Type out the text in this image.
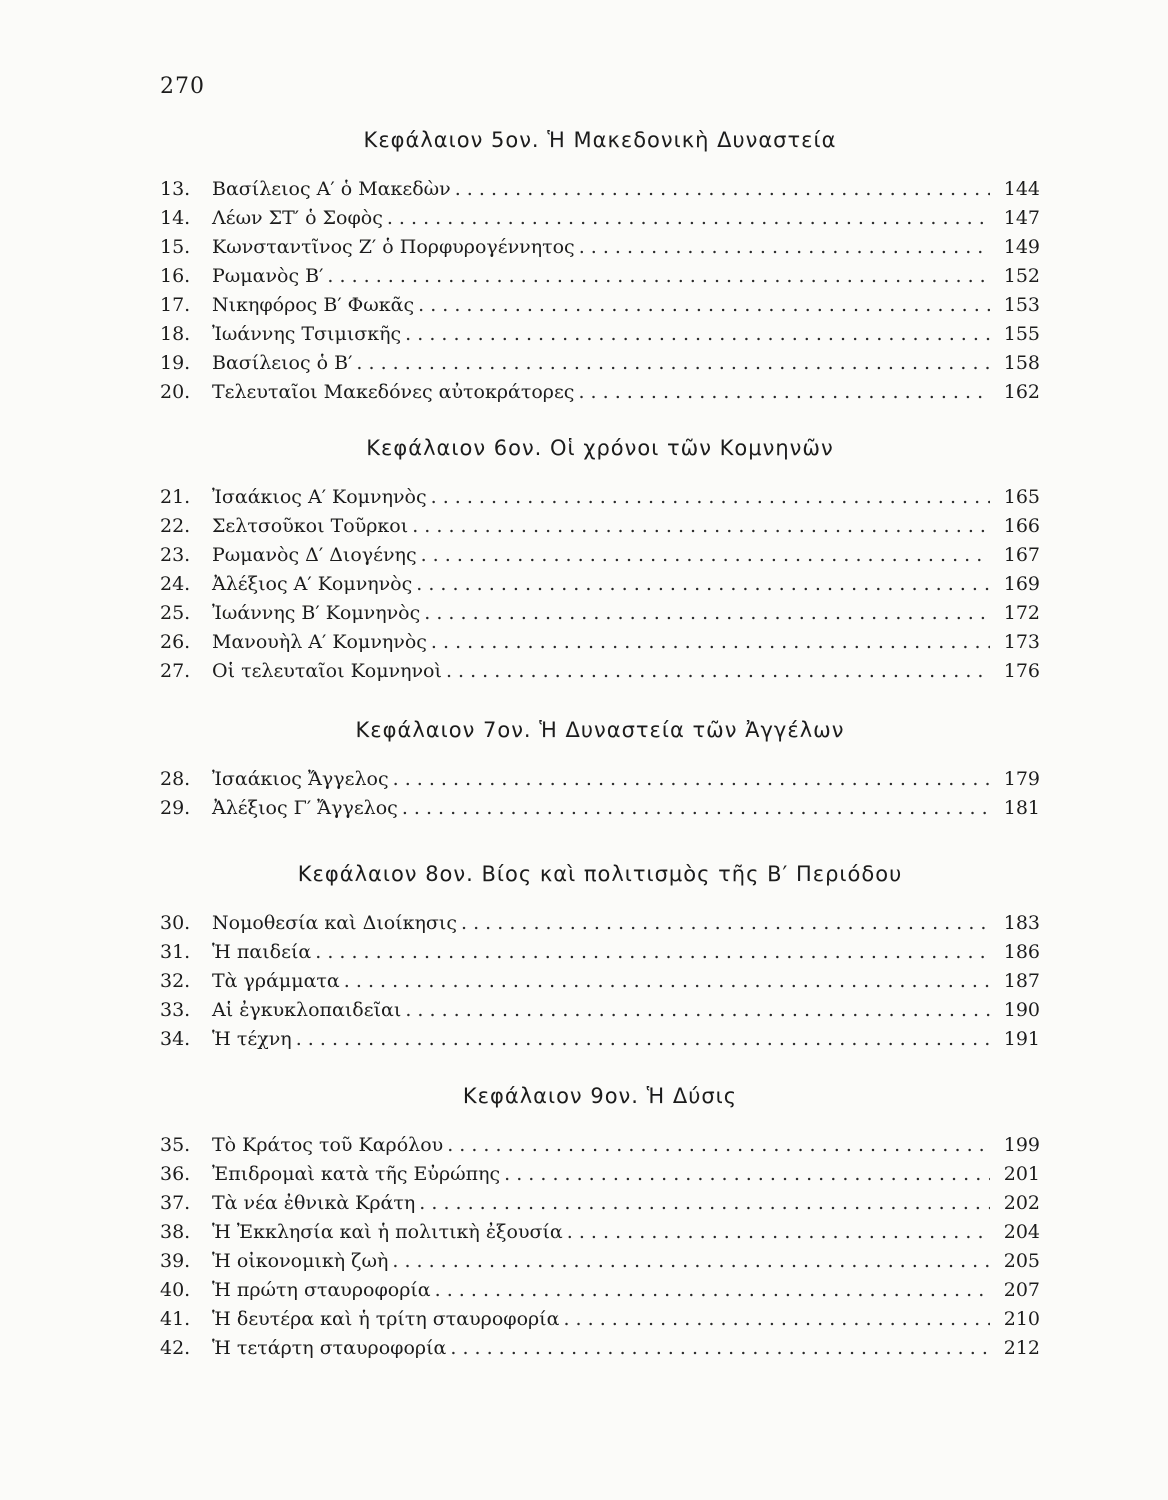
270
Κεφάλαιον 5ον. Ἡ Μακεδονικὴ Δυναστεία
13.	Βασίλειος Α′ ὁ Μακεδὼν . . .	144
14.	Λέων ΣΤ′ ὁ Σοφὸς . . .	147
15.	Κωνσταντῖνος Ζ′ ὁ Πορφυρογέννητος . . .	149
16.	Ρωμανὸς Β′ . . .	152
17.	Νικηφόρος Β′ Φωκᾶς . . .	153
18.	Ἰωάννης Τσιμισκῆς . . .	155
19.	Βασίλειος ὁ Β′ . . .	158
20.	Τελευταῖοι Μακεδόνες αὐτοκράτορες . . .	162
Κεφάλαιον 6ον. Οἱ χρόνοι τῶν Κομνηνῶν
21.	Ἰσαάκιος Α′ Κομνηνὸς . . .	165
22.	Σελτσοῦκοι Τοῦρκοι . . .	166
23.	Ρωμανὸς Δ′ Διογένης . . .	167
24.	Ἀλέξιος Α′ Κομνηνὸς . . .	169
25.	Ἰωάννης Β′ Κομνηνὸς . . .	172
26.	Μανουὴλ Α′ Κομνηνὸς . . .	173
27.	Οἱ τελευταῖοι Κομνηνοὶ . . .	176
Κεφάλαιον 7ον. Ἡ Δυναστεία τῶν Ἀγγέλων
28.	Ἰσαάκιος Ἄγγελος . . .	179
29.	Ἀλέξιος Γ′ Ἄγγελος . . .	181
Κεφάλαιον 8ον. Βίος καὶ πολιτισμὸς τῆς Β′ Περιόδου
30.	Νομοθεσία καὶ Διοίκησις . . .	183
31.	Ἡ παιδεία . . .	186
32.	Τὰ γράμματα . . .	187
33.	Αἱ ἐγκυκλοπαιδεῖαι . . .	190
34.	Ἡ τέχνη . . .	191
Κεφάλαιον 9ον. Ἡ Δύσις
35.	Τὸ Κράτος τοῦ Καρόλου . . .	199
36.	Ἐπιδρομαὶ κατὰ τῆς Εὐρώπης . . .	201
37.	Τὰ νέα ἐθνικὰ Κράτη . . .	202
38.	Ἡ Ἐκκλησία καὶ ἡ πολιτικὴ ἐξουσία . . .	204
39.	Ἡ οἰκονομικὴ ζωὴ . . .	205
40.	Ἡ πρώτη σταυροφορία . . .	207
41.	Ἡ δευτέρα καὶ ἡ τρίτη σταυροφορία . . .	210
42.	Ἡ τετάρτη σταυροφορία . . .	212
